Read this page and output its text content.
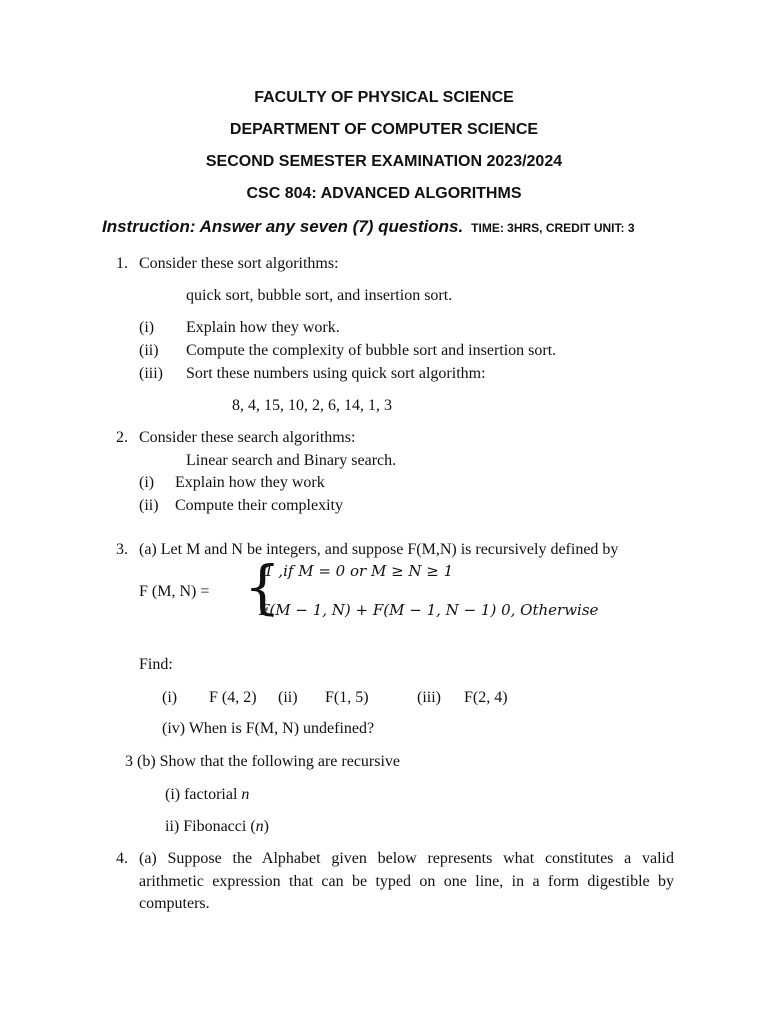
FACULTY OF PHYSICAL SCIENCE
DEPARTMENT OF COMPUTER SCIENCE
SECOND SEMESTER EXAMINATION 2023/2024
CSC 804: ADVANCED ALGORITHMS
Instruction: Answer any seven (7) questions. TIME: 3HRS, CREDIT UNIT: 3
1. Consider these sort algorithms:
quick sort, bubble sort, and insertion sort.
(i) Explain how they work.
(ii) Compute the complexity of bubble sort and insertion sort.
(iii) Sort these numbers using quick sort algorithm:
8, 4, 15, 10, 2, 6, 14, 1, 3
2. Consider these search algorithms:
Linear search and Binary search.
(i) Explain how they work
(ii) Compute their complexity
3. (a) Let M and N be integers, and suppose F(M,N) is recursively defined by
F (M, N) = {
1 ,if M = 0 or M ≥ N ≥ 1
F(M − 1, N) + F(M − 1, N − 1) 0, Otherwise
Find:
(i) F (4, 2) (ii) F(1, 5)	(iii) F(2, 4)
(iv) When is F(M, N) undefined?
3 (b) Show that the following are recursive
(i) factorial n
ii) Fibonacci (n)
4. (a) Suppose the Alphabet given below represents what constitutes a valid
arithmetic expression that can be typed on one line, in a form digestible by
computers.
